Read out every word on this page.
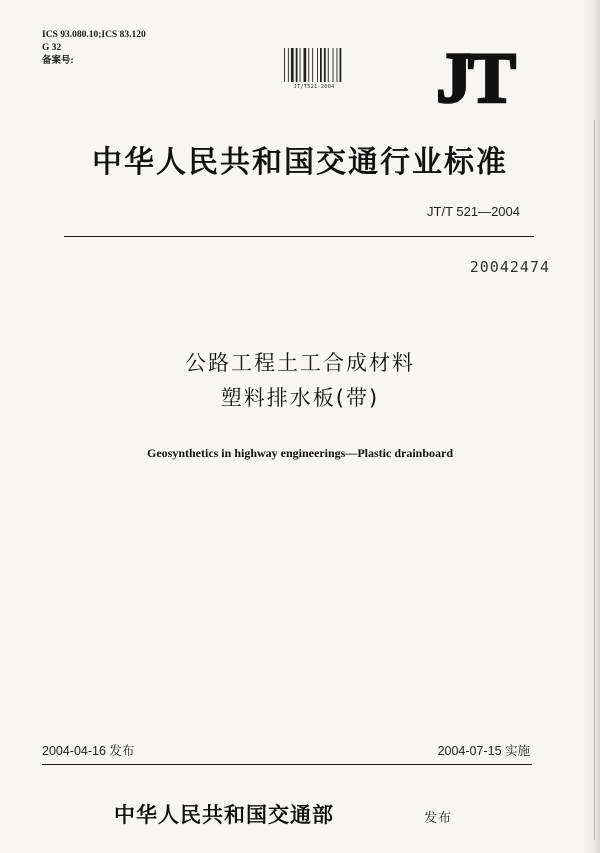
ICS 93.080.10;ICS 83.120
G 32
备案号:
JT/T521-2004 JT
中华人民共和国交通行业标准
JT/T 521—2004
20042474
公路工程土工合成材料
塑料排水板(带)
Geosynthetics in highway engineerings—Plastic drainboard
2004-04-16 发布	2004-07-15 实施
中华人民共和国交通部	发布
